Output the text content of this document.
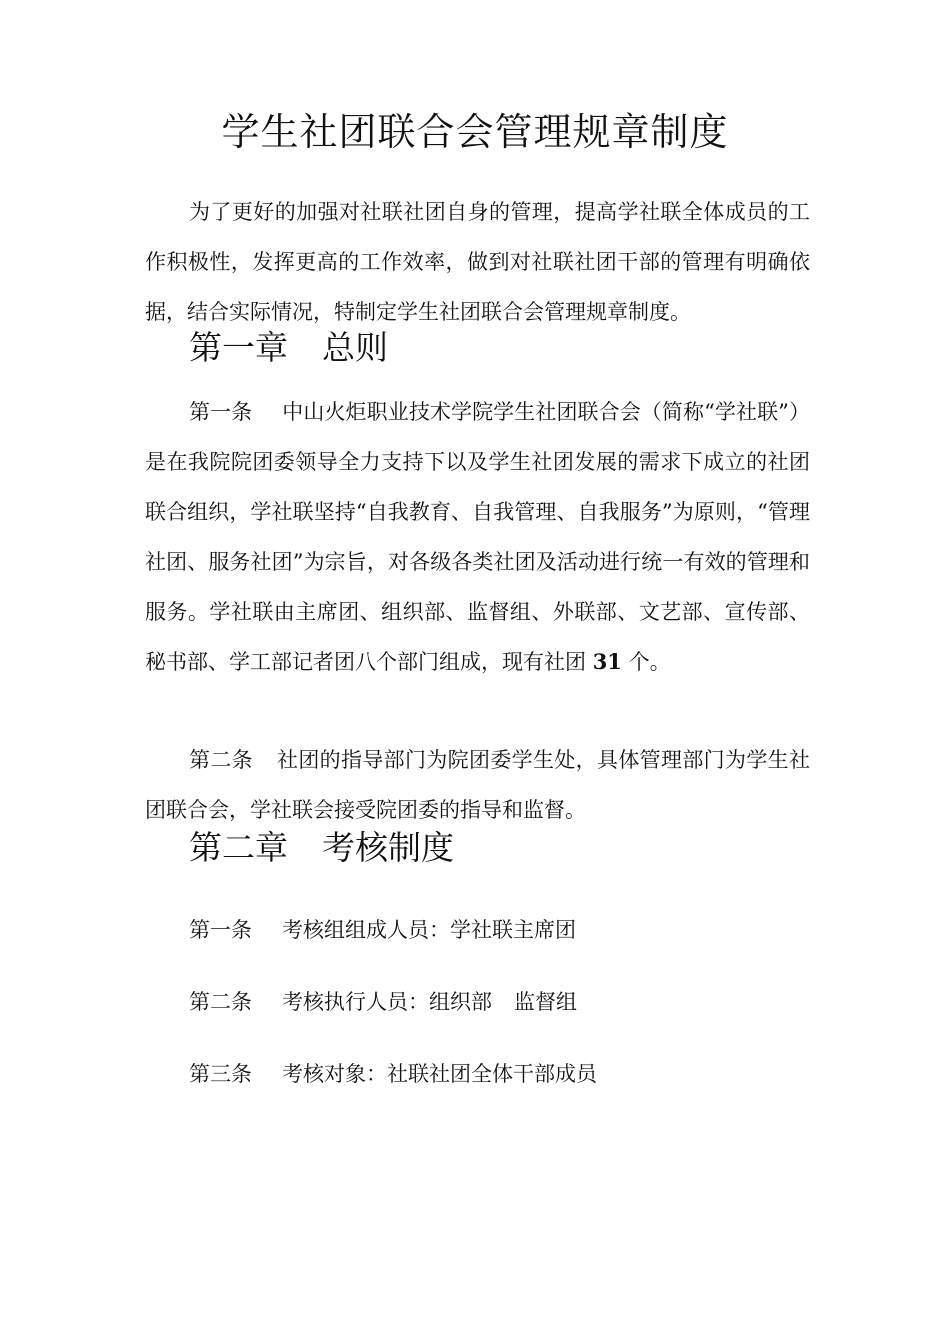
学生社团联合会管理规章制度

为了更好的加强对社联社团自身的管理，提高学社联全体成员的工作积极性，发挥更高的工作效率，做到对社联社团干部的管理有明确依据，结合实际情况，特制定学生社团联合会管理规章制度。

第一章 总则

第一条 中山火炬职业技术学院学生社团联合会（简称“学社联”）是在我院院团委领导全力支持下以及学生社团发展的需求下成立的社团联合组织，学社联坚持“自我教育、自我管理、自我服务”为原则，“管理社团、服务社团”为宗旨，对各级各类社团及活动进行统一有效的管理和服务。学社联由主席团、组织部、监督组、外联部、文艺部、宣传部、秘书部、学工部记者团八个部门组成，现有社团 31 个。

第二条 社团的指导部门为院团委学生处，具体管理部门为学生社团联合会，学社联会接受院团委的指导和监督。

第二章 考核制度

第一条 考核组组成人员：学社联主席团

第二条 考核执行人员：组织部 监督组

第三条 考核对象：社联社团全体干部成员
